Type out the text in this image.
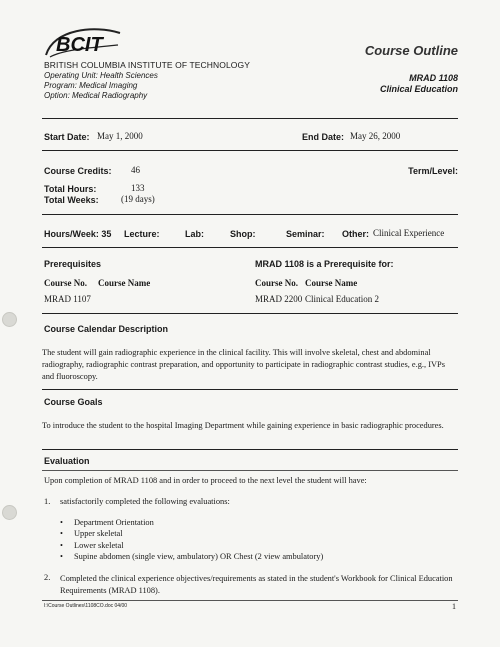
BCIT
BRITISH COLUMBIA INSTITUTE OF TECHNOLOGY
Operating Unit: Health Sciences
Program: Medical Imaging
Option: Medical Radiography
Course Outline
MRAD 1108
Clinical Education
Start Date: May 1, 2000	End Date: May 26, 2000
Course Credits: 46	Term/Level:
Total Hours:	133
Total Weeks: (19 days)
Hours/Week: 35 Lecture:	Lab:	Shop:	Seminar: Other: Clinical Experience
Prerequisites
Course No. Course Name
MRAD 1107
MRAD 1108 is a Prerequisite for:
Course No. Course Name
MRAD 2200 Clinical Education 2
Course Calendar Description
The student will gain radiographic experience in the clinical facility. This will involve skeletal, chest and abdominal radiography, radiographic contrast preparation, and opportunity to participate in radiographic contrast studies, e.g., IVPs and fluoroscopy.
Course Goals
To introduce the student to the hospital Imaging Department while gaining experience in basic radiographic procedures.
Evaluation
Upon completion of MRAD 1108 and in order to proceed to the next level the student will have:
1. satisfactorily completed the following evaluations:
• Department Orientation
• Upper skeletal
• Lower skeletal
• Supine abdomen (single view, ambulatory) OR Chest (2 view ambulatory)
2. Completed the clinical experience objectives/requirements as stated in the student's Workbook for Clinical Education Requirements (MRAD 1108).
I:\Course Outlines\1108CO.doc 04/00	1
